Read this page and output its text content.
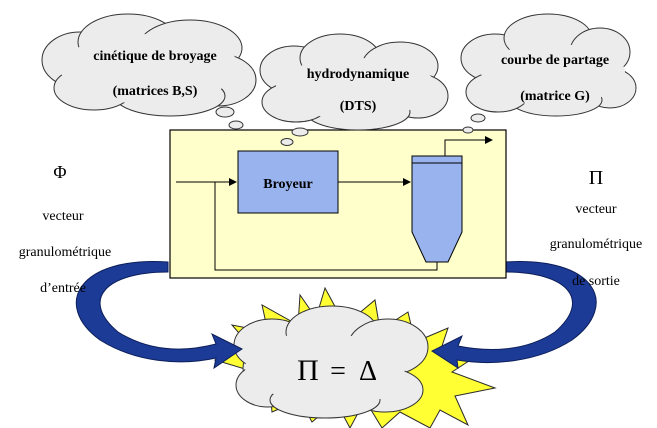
Π = Δ
Broyeur
cinétique de broyage
(matrices B,S)
hydrodynamique
(DTS)
courbe de partage
(matrice G)
Φ
vecteur
granulométrique
d’entrée
Π
vecteur
granulométrique
de sortie
